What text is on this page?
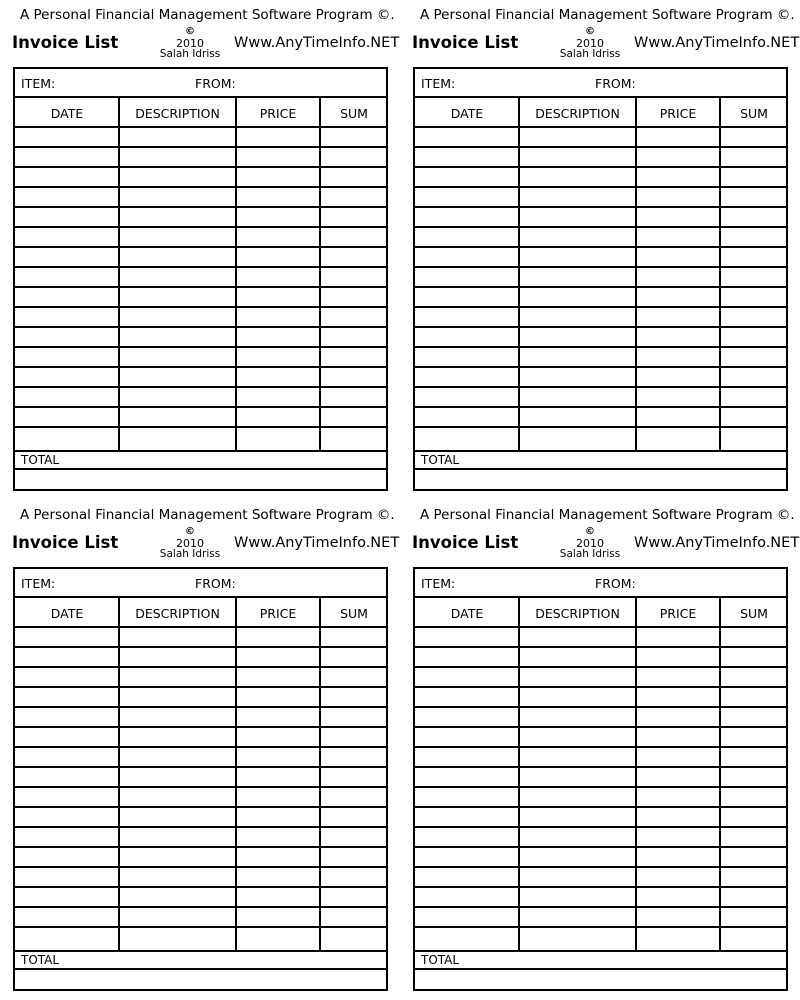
A Personal Financial Management Software Program ©.
Invoice List
©
2010
Salah Idriss
Www.AnyTimeInfo.NET
ITEM:	FROM:
DATE	DESCRIPTION	PRICE	SUM
TOTAL
A Personal Financial Management Software Program ©.
Invoice List
©
2010
Salah Idriss
Www.AnyTimeInfo.NET
ITEM:	FROM:
DATE	DESCRIPTION	PRICE	SUM
TOTAL
A Personal Financial Management Software Program ©.
Invoice List
©
2010
Salah Idriss
Www.AnyTimeInfo.NET
ITEM:	FROM:
DATE	DESCRIPTION	PRICE	SUM
TOTAL
A Personal Financial Management Software Program ©.
Invoice List
©
2010
Salah Idriss
Www.AnyTimeInfo.NET
ITEM:	FROM:
DATE	DESCRIPTION	PRICE	SUM
TOTAL
